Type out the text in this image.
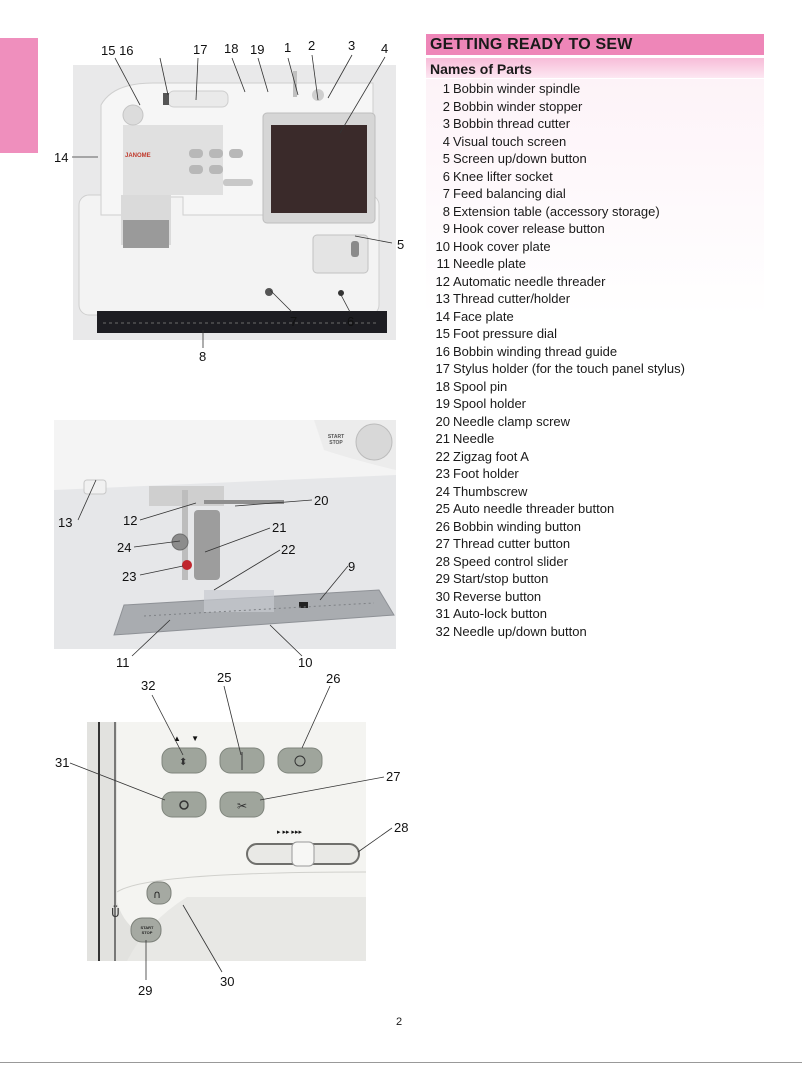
JANOME
START STOP
✂
⬍
∩
Ü
▲ ▼
▸ ▸▸ ▸▸▸
START STOP
15 16	17 18 19 1 2	3 4
14
5
7	6
8
20
13	12	21
24	22
23
9
11	10
32
25	26
31
27
28
29
30
GETTING READY TO SEW
Names of Parts
1 Bobbin winder spindle
2 Bobbin winder stopper
3 Bobbin thread cutter
4 Visual touch screen
5 Screen up/down button
6 Knee lifter socket
7 Feed balancing dial
8 Extension table (accessory storage)
9 Hook cover release button
10 Hook cover plate
11 Needle plate
12 Automatic needle threader
13 Thread cutter/holder
14 Face plate
15 Foot pressure dial
16 Bobbin winding thread guide
17 Stylus holder (for the touch panel stylus)
18 Spool pin
19 Spool holder
20 Needle clamp screw
21 Needle
22 Zigzag foot A
23 Foot holder
24 Thumbscrew
25 Auto needle threader button
26 Bobbin winding button
27 Thread cutter button
28 Speed control slider
29 Start/stop button
30 Reverse button
31 Auto-lock button
32 Needle up/down button
2
